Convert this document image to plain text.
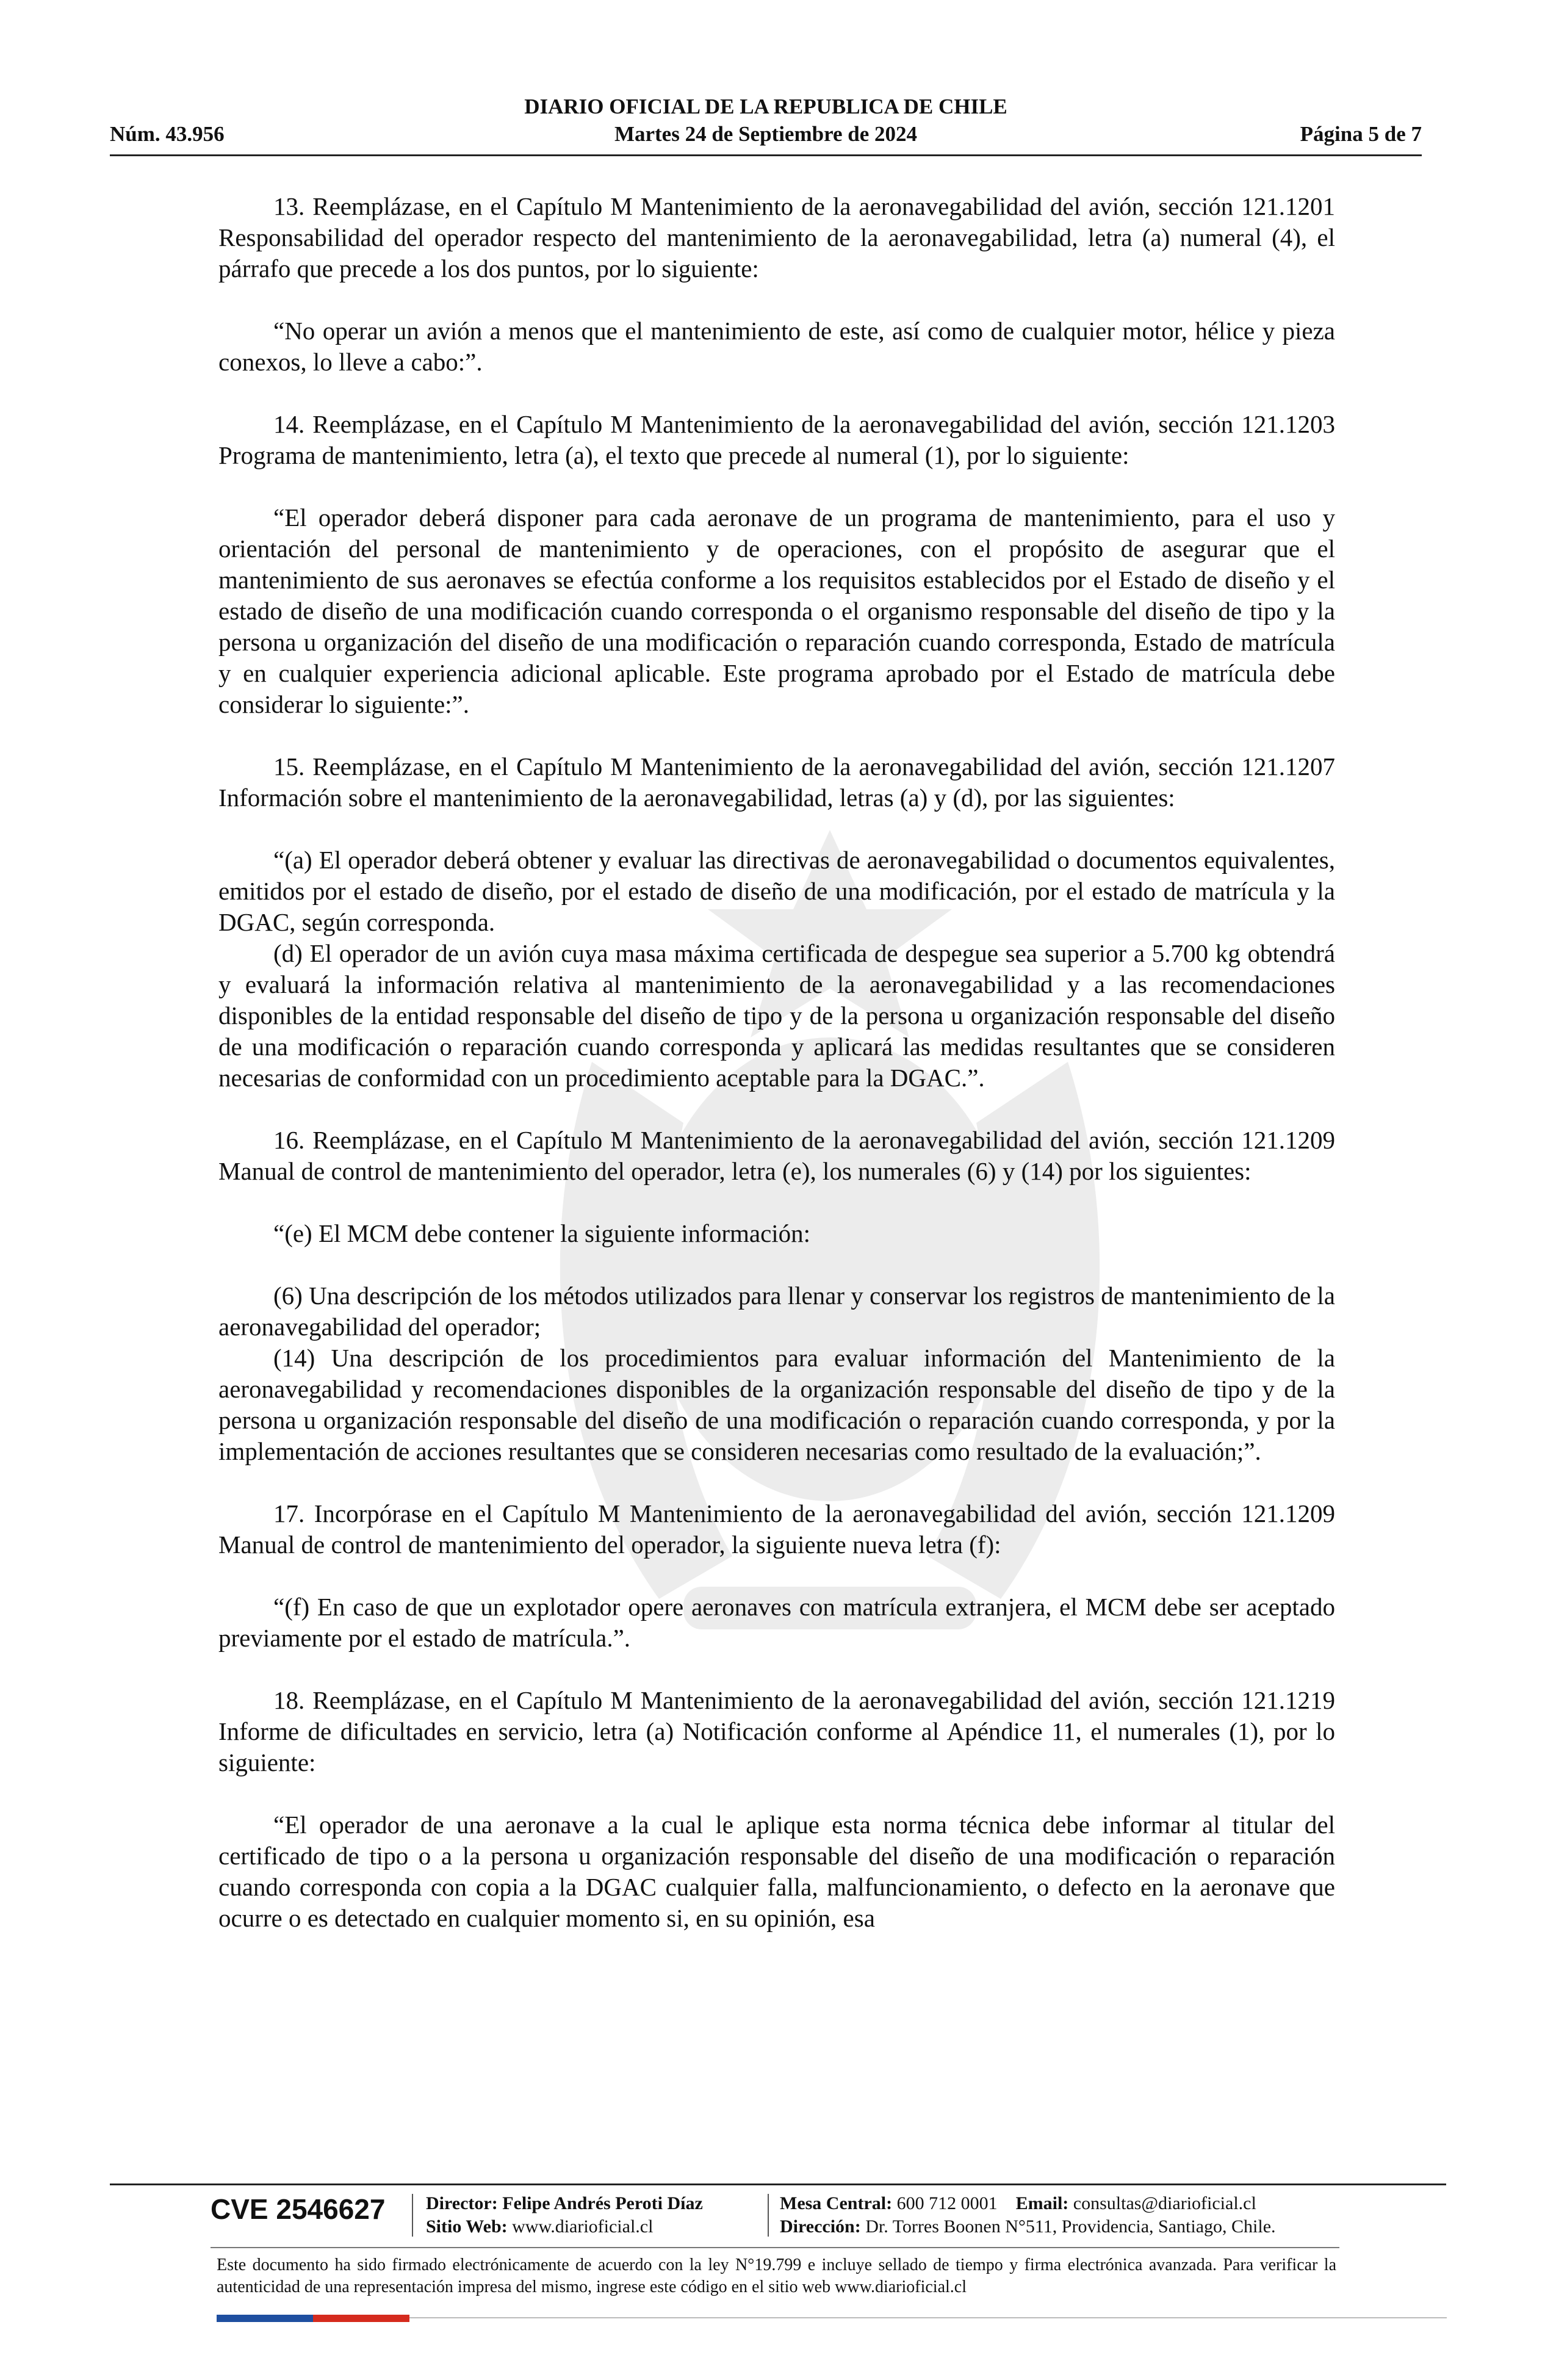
DIARIO OFICIAL DE LA REPUBLICA DE CHILE
Núm. 43.956	Martes 24 de Septiembre de 2024	Página 5 de 7

13. Reemplázase, en el Capítulo M Mantenimiento de la aeronavegabilidad del avión, sección 121.1201 Responsabilidad del operador respecto del mantenimiento de la aeronavegabilidad, letra (a) numeral (4), el párrafo que precede a los dos puntos, por lo siguiente:

“No operar un avión a menos que el mantenimiento de este, así como de cualquier motor, hélice y pieza conexos, lo lleve a cabo:”.

14. Reemplázase, en el Capítulo M Mantenimiento de la aeronavegabilidad del avión, sección 121.1203 Programa de mantenimiento, letra (a), el texto que precede al numeral (1), por lo siguiente:

“El operador deberá disponer para cada aeronave de un programa de mantenimiento, para el uso y orientación del personal de mantenimiento y de operaciones, con el propósito de asegurar que el mantenimiento de sus aeronaves se efectúa conforme a los requisitos establecidos por el Estado de diseño y el estado de diseño de una modificación cuando corresponda o el organismo responsable del diseño de tipo y la persona u organización del diseño de una modificación o reparación cuando corresponda, Estado de matrícula y en cualquier experiencia adicional aplicable. Este programa aprobado por el Estado de matrícula debe considerar lo siguiente:”.

15. Reemplázase, en el Capítulo M Mantenimiento de la aeronavegabilidad del avión, sección 121.1207 Información sobre el mantenimiento de la aeronavegabilidad, letras (a) y (d), por las siguientes:

“(a) El operador deberá obtener y evaluar las directivas de aeronavegabilidad o documentos equivalentes, emitidos por el estado de diseño, por el estado de diseño de una modificación, por el estado de matrícula y la DGAC, según corresponda.

(d) El operador de un avión cuya masa máxima certificada de despegue sea superior a 5.700 kg obtendrá y evaluará la información relativa al mantenimiento de la aeronavegabilidad y a las recomendaciones disponibles de la entidad responsable del diseño de tipo y de la persona u organización responsable del diseño de una modificación o reparación cuando corresponda y aplicará las medidas resultantes que se consideren necesarias de conformidad con un procedimiento aceptable para la DGAC.”.

16. Reemplázase, en el Capítulo M Mantenimiento de la aeronavegabilidad del avión, sección 121.1209 Manual de control de mantenimiento del operador, letra (e), los numerales (6) y (14) por los siguientes:

“(e) El MCM debe contener la siguiente información:

(6) Una descripción de los métodos utilizados para llenar y conservar los registros de mantenimiento de la aeronavegabilidad del operador;

(14) Una descripción de los procedimientos para evaluar información del Mantenimiento de la aeronavegabilidad y recomendaciones disponibles de la organización responsable del diseño de tipo y de la persona u organización responsable del diseño de una modificación o reparación cuando corresponda, y por la implementación de acciones resultantes que se consideren necesarias como resultado de la evaluación;”.

17. Incorpórase en el Capítulo M Mantenimiento de la aeronavegabilidad del avión, sección 121.1209 Manual de control de mantenimiento del operador, la siguiente nueva letra (f):

“(f) En caso de que un explotador opere aeronaves con matrícula extranjera, el MCM debe ser aceptado previamente por el estado de matrícula.”.

18. Reemplázase, en el Capítulo M Mantenimiento de la aeronavegabilidad del avión, sección 121.1219 Informe de dificultades en servicio, letra (a) Notificación conforme al Apéndice 11, el numerales (1), por lo siguiente:

“El operador de una aeronave a la cual le aplique esta norma técnica debe informar al titular del certificado de tipo o a la persona u organización responsable del diseño de una modificación o reparación cuando corresponda con copia a la DGAC cualquier falla, malfuncionamiento, o defecto en la aeronave que ocurre o es detectado en cualquier momento si, en su opinión, esa

CVE 2546627 Director: Felipe Andrés Peroti Díaz
Sitio Web: www.diarioficial.cl
Mesa Central: 600 712 0001 Email: consultas@diarioficial.cl
Dirección: Dr. Torres Boonen N°511, Providencia, Santiago, Chile.
Este documento ha sido firmado electrónicamente de acuerdo con la ley N°19.799 e incluye sellado de tiempo y firma electrónica avanzada. Para verificar la autenticidad de una representación impresa del mismo, ingrese este código en el sitio web www.diarioficial.cl
